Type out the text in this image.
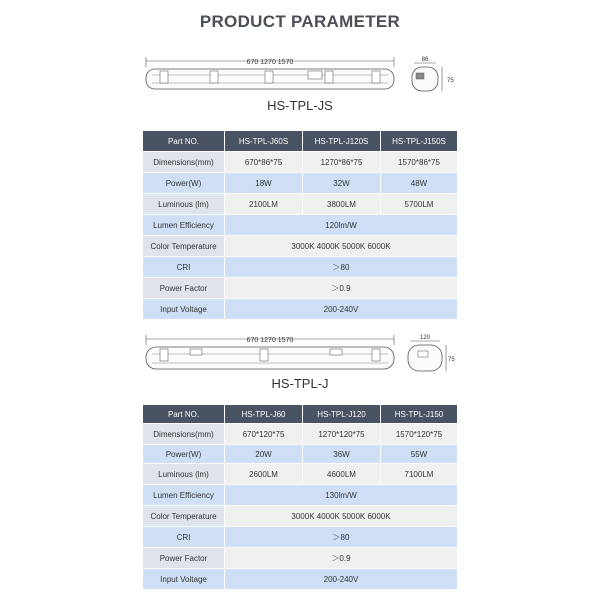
PRODUCT PARAMETER
670 1270 1570	86
75
HS-TPL-JS
Part NO.	HS-TPL-J60S	HS-TPL-J120S	HS-TPL-J150S
Dimensions(mm)	670*86*75	1270*86*75	1570*86*75
Power(W)	18W	32W	48W
Luminous (lm)	2100LM	3800LM	5700LM
Lumen Efficiency	120lm/W		
Color Temperature	3000K 4000K 5000K 6000K		
CRI	＞80		
Power Factor	＞0.9		
Input Voltage	200-240V		
670 1270 1570	120
75
HS-TPL-J
Part NO.	HS-TPL-J60	HS-TPL-J120	HS-TPL-J150
Dimensions(mm)	670*120*75	1270*120*75	1570*120*75
Power(W)	20W	36W	55W
Luminous (lm)	2600LM	4600LM	7100LM
Lumen Efficiency	130lm/W		
Color Temperature	3000K 4000K 5000K 6000K		
CRI	＞80		
Power Factor	＞0.9		
Input Voltage	200-240V		
